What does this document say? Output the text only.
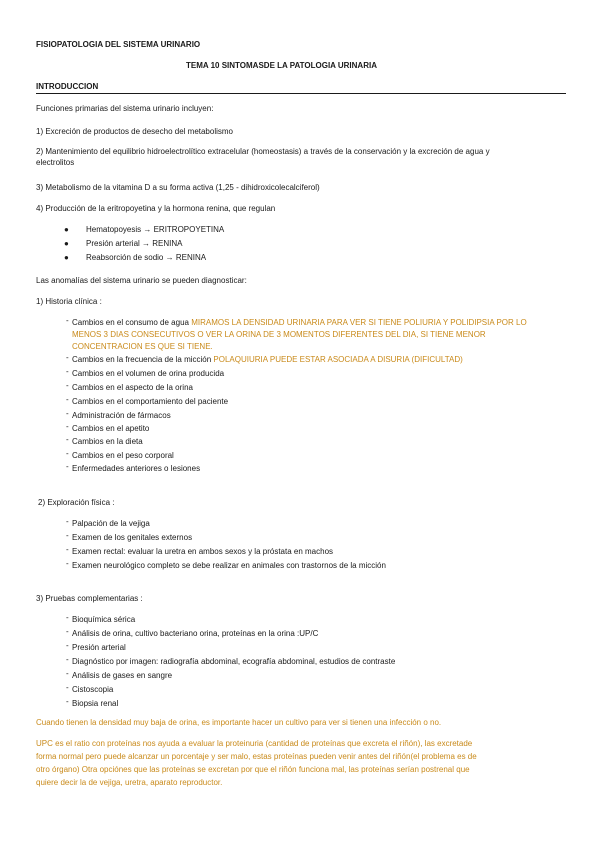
FISIOPATOLOGIA DEL SISTEMA URINARIO
TEMA 10 SINTOMASDE LA PATOLOGIA URINARIA
INTRODUCCION
Funciones primarias del sistema urinario incluyen:
1) Excreción de productos de desecho del metabolismo
2) Mantenimiento del equilibrio hidroelectrolítico extracelular (homeostasis) a través de la conservación y la excreción de agua y
electrolitos
3) Metabolismo de la vitamina D a su forma activa (1,25 - dihidroxicolecalciferol)
4) Producción de la eritropoyetina y la hormona renina, que regulan
● Hematopoyesis → ERITROPOYETINA
● Presión arterial → RENINA
● Reabsorción de sodio → RENINA
Las anomalías del sistema urinario se pueden diagnosticar:
1) Historia clínica :
- Cambios en el consumo de agua MIRAMOS LA DENSIDAD URINARIA PARA VER SI TIENE POLIURIA Y POLIDIPSIA POR LO
MENOS 3 DIAS CONSECUTIVOS O VER LA ORINA DE 3 MOMENTOS DIFERENTES DEL DIA, SI TIENE MENOR
CONCENTRACION ES QUE SI TIENE.
- Cambios en la frecuencia de la micción POLAQUIURIA PUEDE ESTAR ASOCIADA A DISURIA (DIFICULTAD)
- Cambios en el volumen de orina producida
- Cambios en el aspecto de la orina
- Cambios en el comportamiento del paciente
- Administración de fármacos
- Cambios en el apetito
- Cambios en la dieta
- Cambios en el peso corporal
- Enfermedades anteriores o lesiones
2) Exploración física :
- Palpación de la vejiga
- Examen de los genitales externos
- Examen rectal: evaluar la uretra en ambos sexos y la próstata en machos
- Examen neurológico completo se debe realizar en animales con trastornos de la micción
3) Pruebas complementarias :
- Bioquímica sérica
- Análisis de orina, cultivo bacteriano orina, proteínas en la orina :UP/C
- Presión arterial
- Diagnóstico por imagen: radiografía abdominal, ecografía abdominal, estudios de contraste
- Análisis de gases en sangre
- Cistoscopia
- Biopsia renal
Cuando tienen la densidad muy baja de orina, es importante hacer un cultivo para ver si tienen una infección o no.
UPC es el ratio con proteínas nos ayuda a evaluar la proteinuria (cantidad de proteínas que excreta el riñón), las excretade
forma normal pero puede alcanzar un porcentaje y ser malo, estas proteínas pueden venir antes del riñón(el problema es de
otro órgano) Otra opciónes que las proteínas se excretan por que el riñón funciona mal, las proteínas serían postrenal que
quiere decir la de vejiga, uretra, aparato reproductor.
